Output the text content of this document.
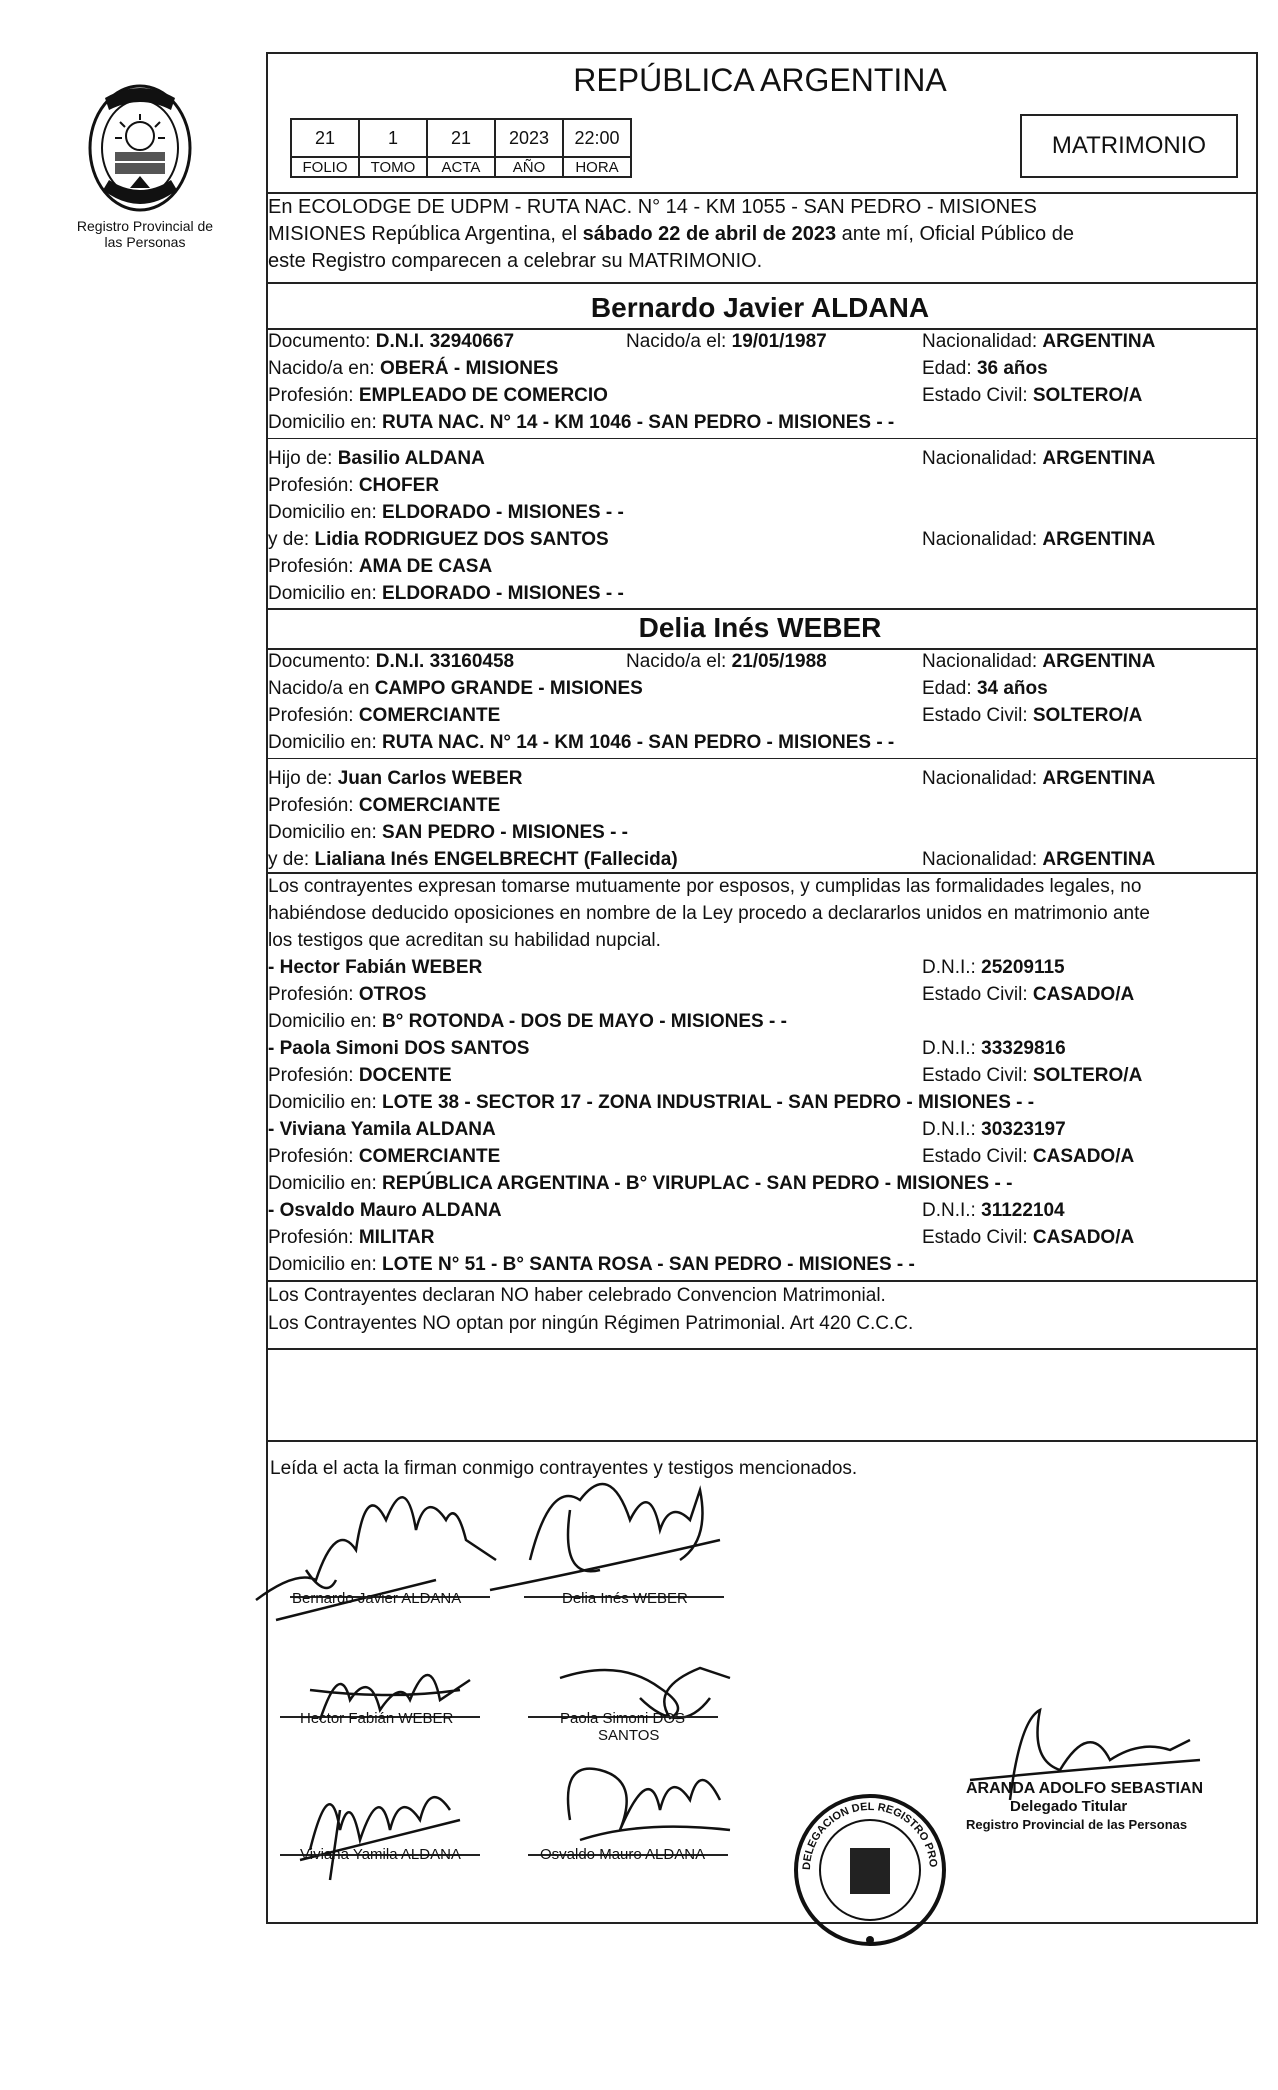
Registro Provincial de las Personas
REPÚBLICA ARGENTINA
21	1	21	2023	22:00
FOLIO	TOMO	ACTA	AÑO	HORA
MATRIMONIO
En ECOLODGE DE UDPM - RUTA NAC. N° 14 - KM 1055 - SAN PEDRO - MISIONES
MISIONES República Argentina, el sábado 22 de abril de 2023 ante mí, Oficial Público de
este Registro comparecen a celebrar su MATRIMONIO.
Bernardo Javier ALDANA
Documento: D.N.I. 32940667	Nacido/a el: 19/01/1987	Nacionalidad: ARGENTINA
Nacido/a en: OBERÁ - MISIONES	Edad: 36 años
Profesión: EMPLEADO DE COMERCIO	Estado Civil: SOLTERO/A
Domicilio en: RUTA NAC. N° 14 - KM 1046 - SAN PEDRO - MISIONES - -
Hijo de: Basilio ALDANA	Nacionalidad: ARGENTINA
Profesión: CHOFER
Domicilio en: ELDORADO - MISIONES - -
y de: Lidia RODRIGUEZ DOS SANTOS	Nacionalidad: ARGENTINA
Profesión: AMA DE CASA
Domicilio en: ELDORADO - MISIONES - -
Delia Inés WEBER
Documento: D.N.I. 33160458	Nacido/a el: 21/05/1988	Nacionalidad: ARGENTINA
Nacido/a en CAMPO GRANDE - MISIONES	Edad: 34 años
Profesión: COMERCIANTE	Estado Civil: SOLTERO/A
Domicilio en: RUTA NAC. N° 14 - KM 1046 - SAN PEDRO - MISIONES - -
Hijo de: Juan Carlos WEBER	Nacionalidad: ARGENTINA
Profesión: COMERCIANTE
Domicilio en: SAN PEDRO - MISIONES - -
y de: Lialiana Inés ENGELBRECHT (Fallecida)	Nacionalidad: ARGENTINA
Los contrayentes expresan tomarse mutuamente por esposos, y cumplidas las formalidades legales, no
habiéndose deducido oposiciones en nombre de la Ley procedo a declararlos unidos en matrimonio ante
los testigos que acreditan su habilidad nupcial.
- Hector Fabián WEBER	D.N.I.: 25209115
Profesión: OTROS	Estado Civil: CASADO/A
Domicilio en: B° ROTONDA - DOS DE MAYO - MISIONES - -
- Paola Simoni DOS SANTOS	D.N.I.: 33329816
Profesión: DOCENTE	Estado Civil: SOLTERO/A
Domicilio en: LOTE 38 - SECTOR 17 - ZONA INDUSTRIAL - SAN PEDRO - MISIONES - -
- Viviana Yamila ALDANA	D.N.I.: 30323197
Profesión: COMERCIANTE	Estado Civil: CASADO/A
Domicilio en: REPÚBLICA ARGENTINA - B° VIRUPLAC - SAN PEDRO - MISIONES - -
- Osvaldo Mauro ALDANA	D.N.I.: 31122104
Profesión: MILITAR	Estado Civil: CASADO/A
Domicilio en: LOTE N° 51 - B° SANTA ROSA - SAN PEDRO - MISIONES - -
Los Contrayentes declaran NO haber celebrado Convencion Matrimonial.
Los Contrayentes NO optan por ningún Régimen Patrimonial. Art 420 C.C.C.
Leída el acta la firman conmigo contrayentes y testigos mencionados.
Bernardo Javier ALDANA	Delia Inés WEBER
Hector Fabián WEBER	Paola Simoni DOS
SANTOS
Viviana Yamila ALDANA	Osvaldo Mauro ALDANA
DELEGACION DEL REGISTRO PRO
ARANDA ADOLFO SEBASTIAN
Delegado Titular
Registro Provincial de las Personas
